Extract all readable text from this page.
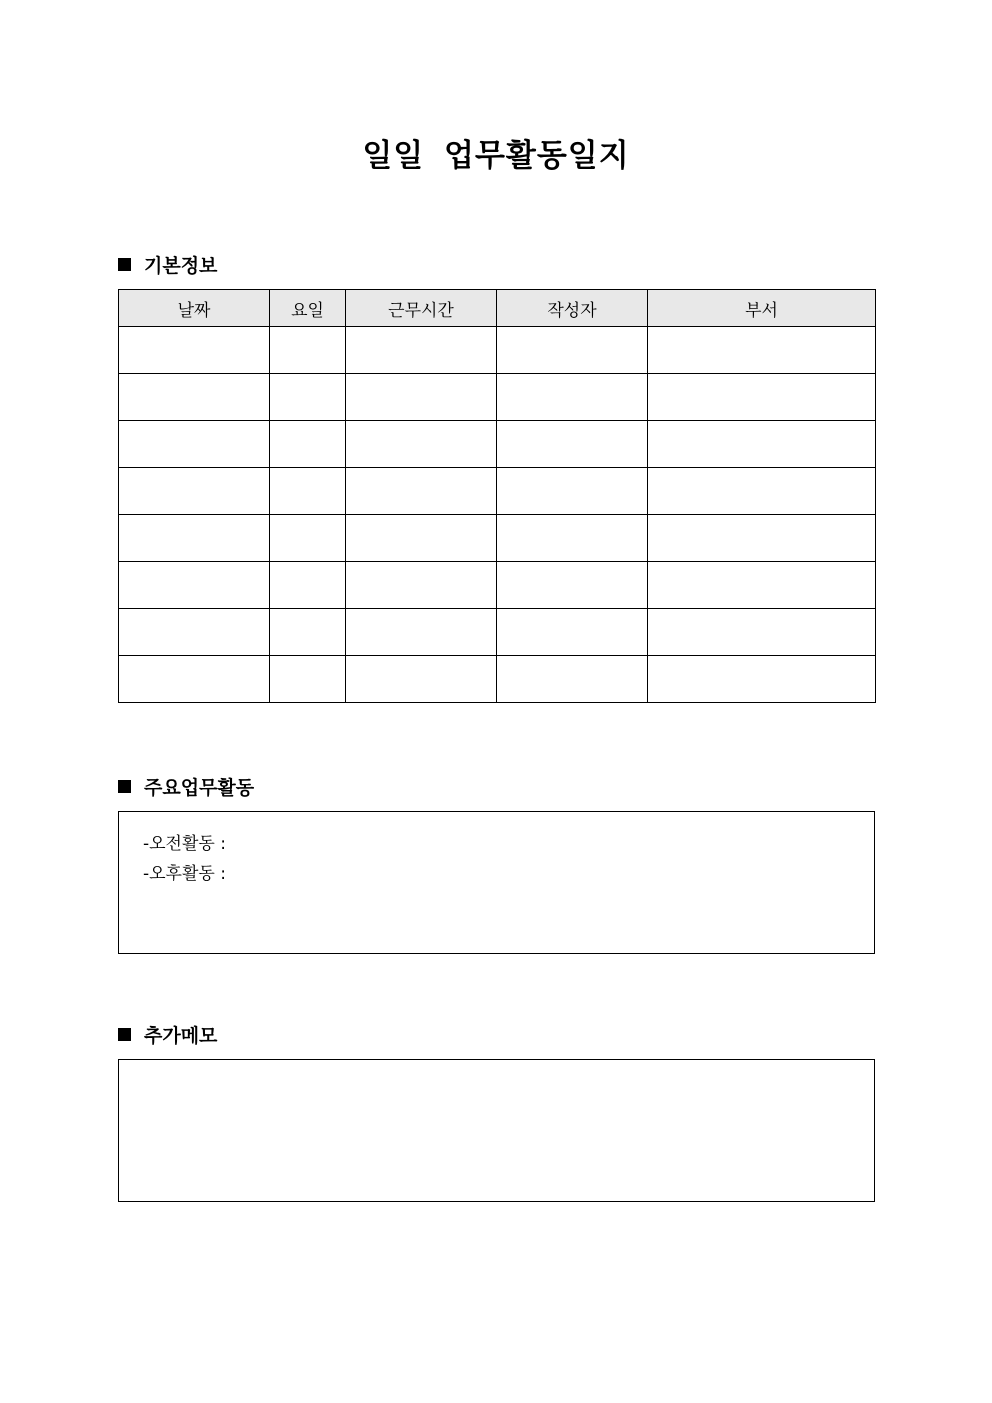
일일 업무활동일지
기본정보
날짜	요일	근무시간	작성자	부서

주요업무활동
-오전활동 :
-오후활동 :
추가메모
